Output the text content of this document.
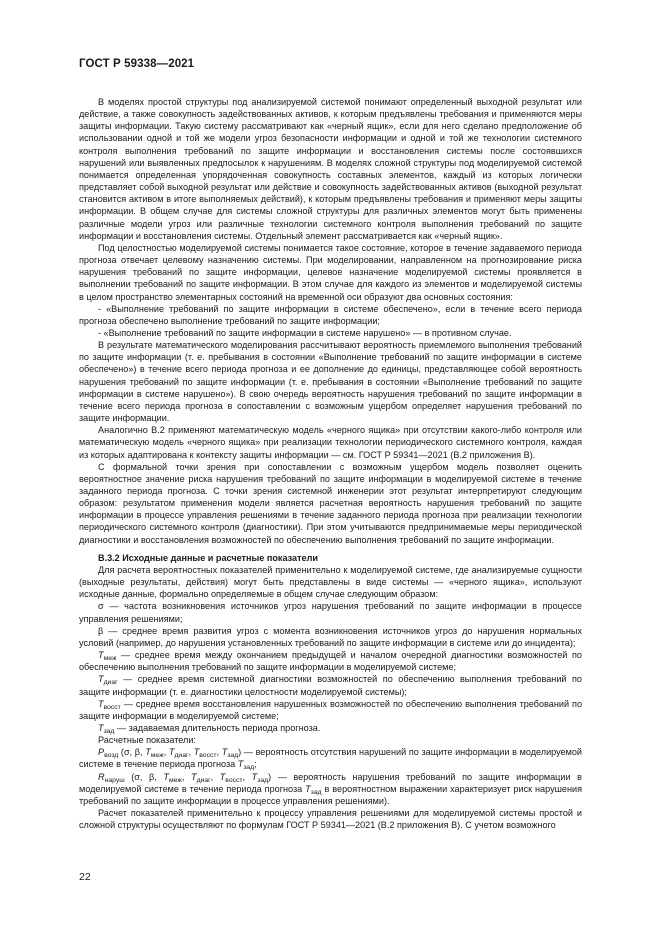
ГОСТ Р 59338—2021

В моделях простой структуры под анализируемой системой понимают определенный выходной результат или действие, а также совокупность задействованных активов, к которым предъявлены требования и применяются меры защиты информации. Такую систему рассматривают как «черный ящик», если для него сделано предположение об использовании одной и той же модели угроз безопасности информации и одной и той же технологии системного контроля выполнения требований по защите информации и восстановления системы после состоявшихся нарушений или выявленных предпосылок к нарушениям. В моделях сложной структуры под моделируемой системой понимается определенная упорядоченная совокупность составных элементов, каждый из которых логически представляет собой выходной результат или действие и совокупность задействованных активов (выходной результат становится активом в итоге выполняемых действий), к которым предъявлены требования и применяют меры защиты информации. В общем случае для системы сложной структуры для различных элементов могут быть применены различные модели угроз или различные технологии системного контроля выполнения требований по защите информации и восстановления системы. Отдельный элемент рассматривается как «черный ящик».

Под целостностью моделируемой системы понимается такое состояние, которое в течение задаваемого периода прогноза отвечает целевому назначению системы. При моделировании, направленном на прогнозирование риска нарушения требований по защите информации, целевое назначение моделируемой системы проявляется в выполнении требований по защите информации. В этом случае для каждого из элементов и моделируемой системы в целом пространство элементарных состояний на временной оси образуют два основных состояния:

- «Выполнение требований по защите информации в системе обеспечено», если в течение всего периода прогноза обеспечено выполнение требований по защите информации;

- «Выполнение требований по защите информации в системе нарушено» — в противном случае.

В результате математического моделирования рассчитывают вероятность приемлемого выполнения требований по защите информации (т. е. пребывания в состоянии «Выполнение требований по защите информации в системе обеспечено») в течение всего периода прогноза и ее дополнение до единицы, представляющее собой вероятность нарушения требований по защите информации (т. е. пребывания в состоянии «Выполнение требований по защите информации в системе нарушено»). В свою очередь вероятность нарушения требований по защите информации в течение всего периода прогноза в сопоставлении с возможным ущербом определяет нарушения требований по защите информации.

Аналогично В.2 применяют математическую модель «черного ящика» при отсутствии какого-либо контроля или математическую модель «черного ящика» при реализации технологии периодического системного контроля, каждая из которых адаптирована к контексту защиты информации — см. ГОСТ Р 59341—2021 (В.2 приложения В).

С формальной точки зрения при сопоставлении с возможным ущербом модель позволяет оценить вероятностное значение риска нарушения требований по защите информации в моделируемой системе в течение заданного периода прогноза. С точки зрения системной инженерии этот результат интерпретируют следующим образом: результатом применения модели является расчетная вероятность нарушения требований по защите информации в процессе управления решениями в течение заданного периода прогноза при реализации технологии периодического системного контроля (диагностики). При этом учитываются предпринимаемые меры периодической диагностики и восстановления возможностей по обеспечению выполнения требований по защите информации.

В.3.2 Исходные данные и расчетные показатели

Для расчета вероятностных показателей применительно к моделируемой системе, где анализируемые сущности (выходные результаты, действия) могут быть представлены в виде системы — «черного ящика», используют исходные данные, формально определяемые в общем случае следующим образом:

σ — частота возникновения источников угроз нарушения требований по защите информации в процессе управления решениями;

β — среднее время развития угроз с момента возникновения источников угроз до нарушения нормальных условий (например, до нарушения установленных требований по защите информации в системе или до инцидента);

$T_{меж}$ — среднее время между окончанием предыдущей и началом очередной диагностики возможностей по обеспечению выполнения требований по защите информации в моделируемой системе;

$T_{диаг}$ — среднее время системной диагностики возможностей по обеспечению выполнения требований по защите информации (т. е. диагностики целостности моделируемой системы);

$T_{восст}$ — среднее время восстановления нарушенных возможностей по обеспечению выполнения требований по защите информации в моделируемой системе;

$T_{зад}$ — задаваемая длительность периода прогноза.

Расчетные показатели:

$P_{возд}$ (σ, β, $T_{меж}$, $T_{диаг}$, $T_{восст}$, $T_{зад}$) — вероятность отсутствия нарушений по защите информации в моделируемой системе в течение периода прогноза $T_{зад}$;

$R_{наруш}$ (σ, β, $T_{меж}$, $T_{диаг}$, $T_{восст}$, $T_{зад}$) — вероятность нарушения требований по защите информации в моделируемой системе в течение периода прогноза $T_{зад}$ в вероятностном выражении характеризует риск нарушения требований по защите информации в процессе управления решениями).

Расчет показателей применительно к процессу управления решениями для моделируемой системы простой и сложной структуры осуществляют по формулам ГОСТ Р 59341—2021 (В.2 приложения В). С учетом возможного

22
